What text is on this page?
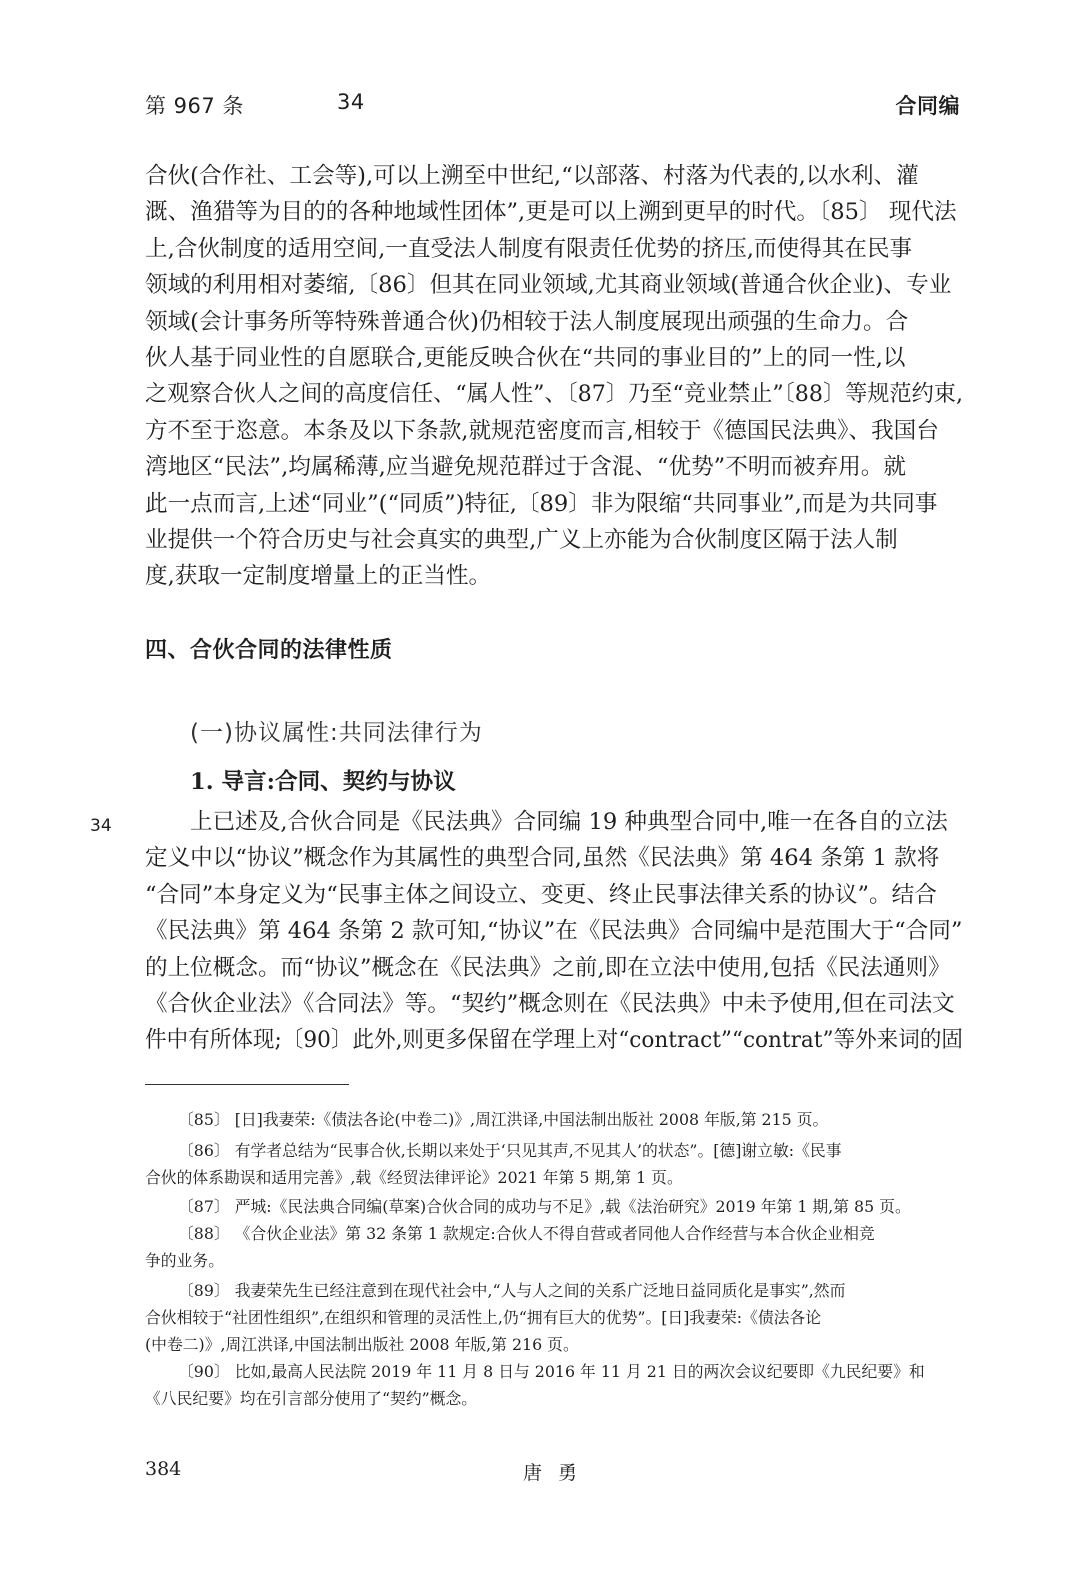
第 967 条	34	合同编

合伙(合作社、工会等),可以上溯至中世纪,“以部落、村落为代表的,以水利、灌
溉、渔猎等为目的的各种地域性团体”,更是可以上溯到更早的时代。〔85〕 现代法
上,合伙制度的适用空间,一直受法人制度有限责任优势的挤压,而使得其在民事
领域的利用相对萎缩,〔86〕但其在同业领域,尤其商业领域(普通合伙企业)、专业
领域(会计事务所等特殊普通合伙)仍相较于法人制度展现出顽强的生命力。合
伙人基于同业性的自愿联合,更能反映合伙在“共同的事业目的”上的同一性,以
之观察合伙人之间的高度信任、“属人性”、〔87〕乃至“竞业禁止”〔88〕等规范约束,
方不至于恣意。本条及以下条款,就规范密度而言,相较于《德国民法典》、我国台
湾地区“民法”,均属稀薄,应当避免规范群过于含混、“优势”不明而被弃用。就
此一点而言,上述“同业”(“同质”)特征,〔89〕非为限缩“共同事业”,而是为共同事
业提供一个符合历史与社会真实的典型,广义上亦能为合伙制度区隔于法人制
度,获取一定制度增量上的正当性。

四、合伙合同的法律性质
(一)协议属性:共同法律行为
1. 导言:合同、契约与协议
34	上已述及,合伙合同是《民法典》合同编 19 种典型合同中,唯一在各自的立法
定义中以“协议”概念作为其属性的典型合同,虽然《民法典》第 464 条第 1 款将
“合同”本身定义为“民事主体之间设立、变更、终止民事法律关系的协议”。结合
《民法典》第 464 条第 2 款可知,“协议”在《民法典》合同编中是范围大于“合同”
的上位概念。而“协议”概念在《民法典》之前,即在立法中使用,包括《民法通则》
《合伙企业法》《合同法》等。“契约”概念则在《民法典》中未予使用,但在司法文
件中有所体现;〔90〕此外,则更多保留在学理上对“contract”“contrat”等外来词的固

〔85〕 [日]我妻荣:《债法各论(中卷二)》,周江洪译,中国法制出版社 2008 年版,第 215 页。

〔86〕 有学者总结为“民事合伙,长期以来处于‘只见其声,不见其人’的状态”。[德]谢立敏:《民事
合伙的体系勘误和适用完善》,载《经贸法律评论》2021 年第 5 期,第 1 页。

〔87〕 严城:《民法典合同编(草案)合伙合同的成功与不足》,载《法治研究》2019 年第 1 期,第 85 页。

〔88〕 《合伙企业法》第 32 条第 1 款规定:合伙人不得自营或者同他人合作经营与本合伙企业相竞
争的业务。

〔89〕 我妻荣先生已经注意到在现代社会中,“人与人之间的关系广泛地日益同质化是事实”,然而
合伙相较于“社团性组织”,在组织和管理的灵活性上,仍“拥有巨大的优势”。[日]我妻荣:《债法各论
(中卷二)》,周江洪译,中国法制出版社 2008 年版,第 216 页。

〔90〕 比如,最高人民法院 2019 年 11 月 8 日与 2016 年 11 月 21 日的两次会议纪要即《九民纪要》和
《八民纪要》均在引言部分使用了“契约”概念。

384	唐勇
